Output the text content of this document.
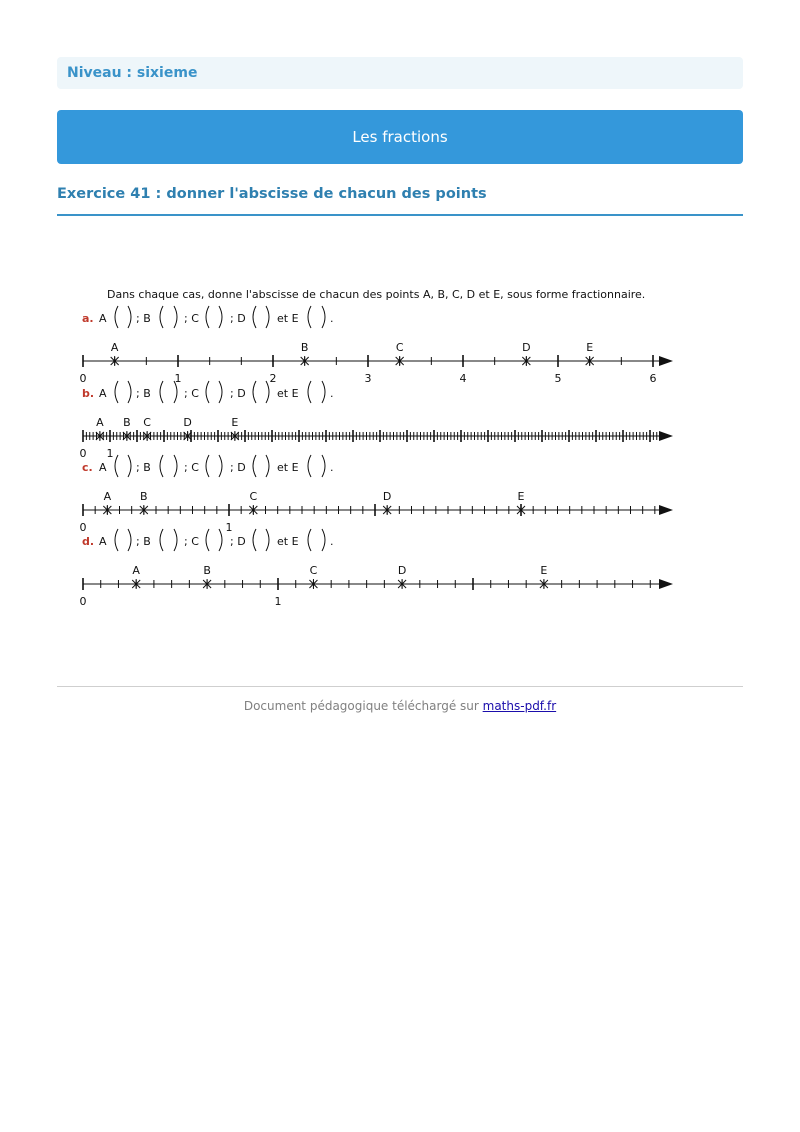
Niveau : sixieme
Les fractions
Exercice 41 : donner l'abscisse de chacun des points
Dans chaque cas, donne l'abscisse de chacun des points A, B, C, D et E, sous forme fractionnaire.
a. A	; B	; C	; D	et E	.
0	1	2	3	4	5	6
A	B	C	D	E
b. A	; B	; C	; D	et E	.
0 1
A B C	D	E
c. A	; B	; C	; D	et E	.
0	1
A	B	C	D	E
d. A	; B	; C	; D	et E	.
0	1
A	B	C	D	E
Document pédagogique téléchargé sur maths-pdf.fr
